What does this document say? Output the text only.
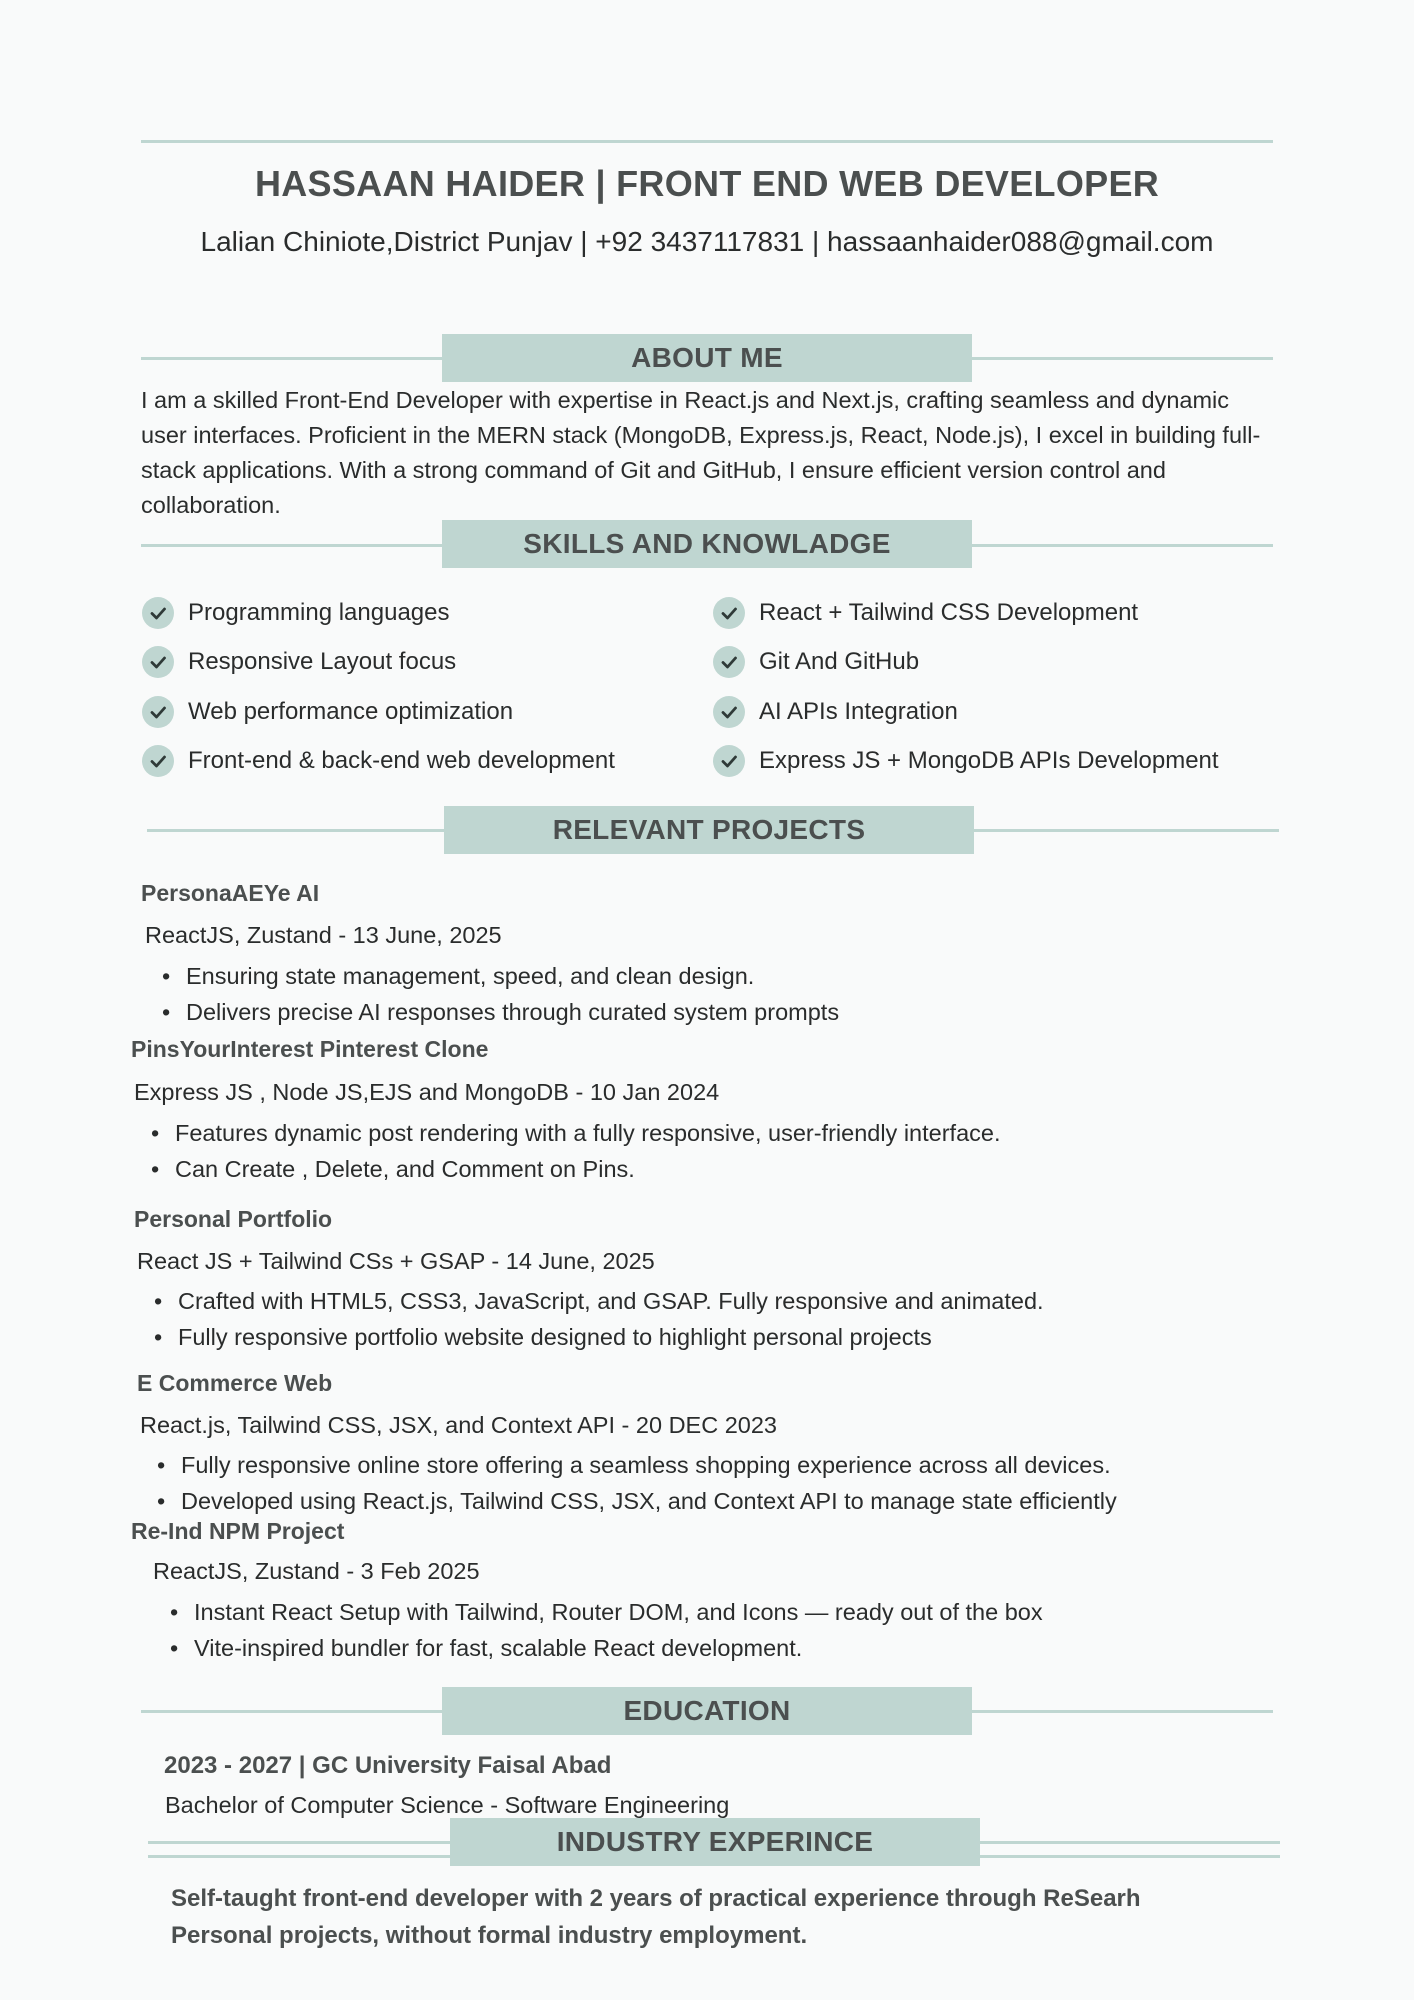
HASSAAN HAIDER | FRONT END WEB DEVELOPER
Lalian Chiniote,District Punjav | +92 3437117831 | hassaanhaider088@gmail.com
ABOUT ME
I am a skilled Front-End Developer with expertise in React.js and Next.js, crafting seamless and dynamic user interfaces. Proficient in the MERN stack (MongoDB, Express.js, React, Node.js), I excel in building full-stack applications. With a strong command of Git and GitHub, I ensure efficient version control and collaboration.
SKILLS AND KNOWLADGE
Programming languages
Responsive Layout focus
Web performance optimization
Front-end & back-end web development
React + Tailwind CSS Development
Git And GitHub
AI APIs Integration
Express JS + MongoDB APIs Development
RELEVANT PROJECTS
PersonaAEYe AI
ReactJS, Zustand - 13 June, 2025
• Ensuring state management, speed, and clean design.
• Delivers precise AI responses through curated system prompts
PinsYourInterest Pinterest Clone
Express JS , Node JS,EJS and MongoDB - 10 Jan 2024
• Features dynamic post rendering with a fully responsive, user-friendly interface.
• Can Create , Delete, and Comment on Pins.
Personal Portfolio
React JS + Tailwind CSs + GSAP - 14 June, 2025
• Crafted with HTML5, CSS3, JavaScript, and GSAP. Fully responsive and animated.
• Fully responsive portfolio website designed to highlight personal projects
E Commerce Web
React.js, Tailwind CSS, JSX, and Context API - 20 DEC 2023
• Fully responsive online store offering a seamless shopping experience across all devices.
• Developed using React.js, Tailwind CSS, JSX, and Context API to manage state efficiently
Re-Ind NPM Project
ReactJS, Zustand - 3 Feb 2025
• Instant React Setup with Tailwind, Router DOM, and Icons — ready out of the box
• Vite-inspired bundler for fast, scalable React development.
EDUCATION
2023 - 2027 | GC University Faisal Abad
Bachelor of Computer Science - Software Engineering
INDUSTRY EXPERINCE
Self-taught front-end developer with 2 years of practical experience through ReSearh Personal projects, without formal industry employment.
